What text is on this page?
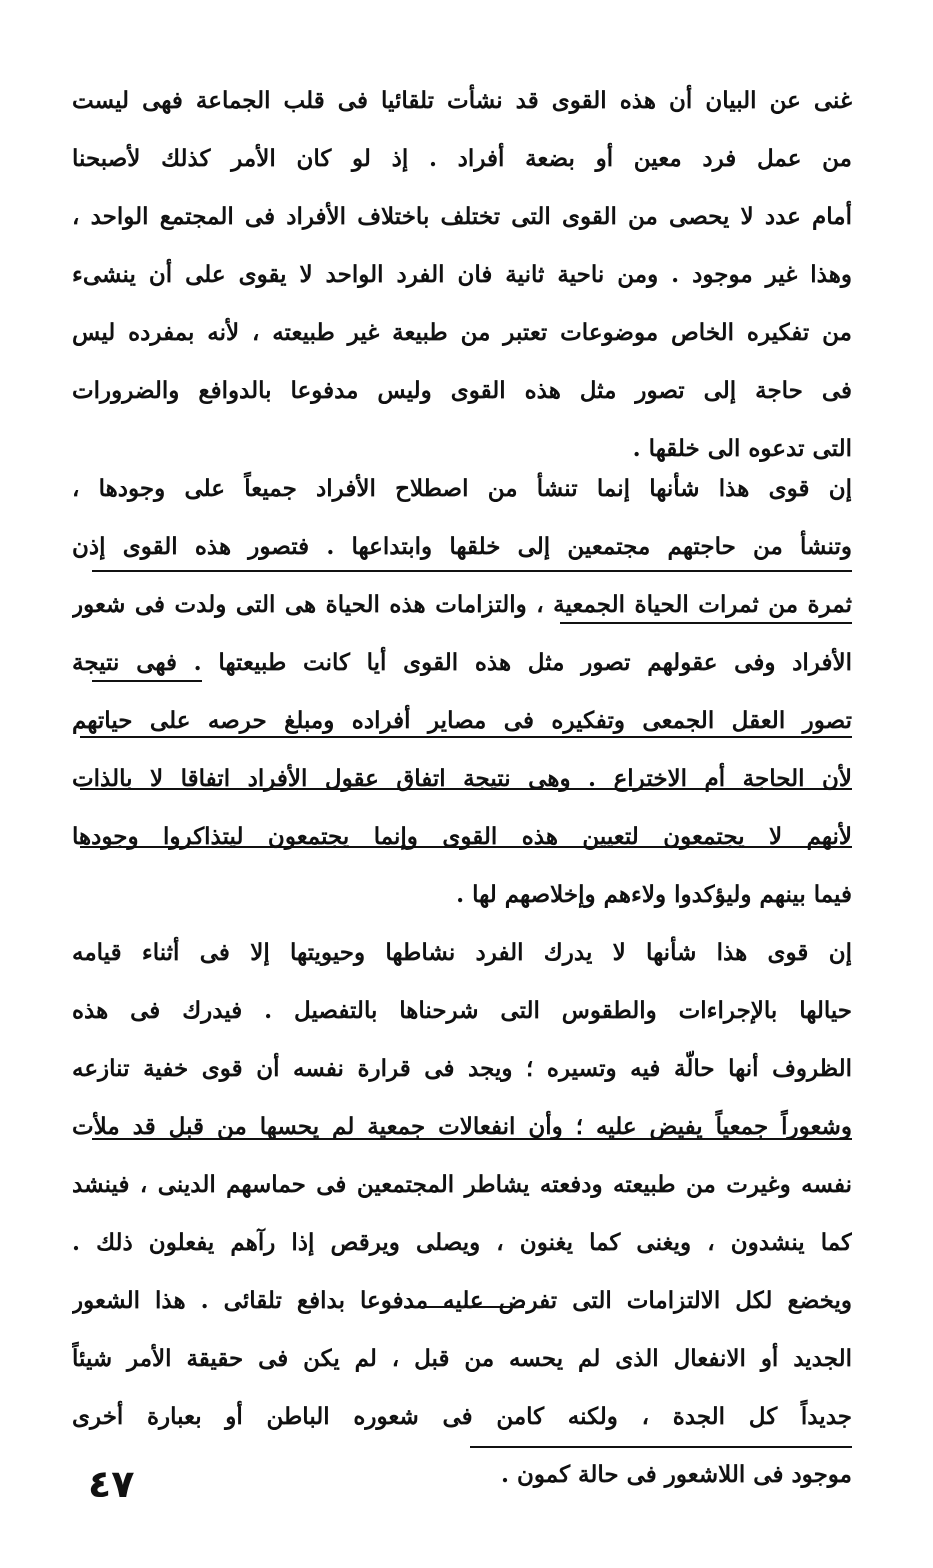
غنى عن البيان أن هذه القوى قد نشأت تلقائيا فى قلب الجماعة فهى ليست
من عمل فرد معين أو بضعة أفراد . إذ لو كان الأمر كذلك لأصبحنا
أمام عدد لا يحصى من القوى التى تختلف باختلاف الأفراد فى المجتمع الواحد ،
وهذا غير موجود . ومن ناحية ثانية فان الفرد الواحد لا يقوى على أن ينشىء
من تفكيره الخاص موضوعات تعتبر من طبيعة غير طبيعته ، لأنه بمفرده ليس
فى حاجة إلى تصور مثل هذه القوى وليس مدفوعا بالدوافع والضرورات
التى تدعوه الى خلقها .
إن قوى هذا شأنها إنما تنشأ من اصطلاح الأفراد جميعاً على وجودها ،
وتنشأ من حاجتهم مجتمعين إلى خلقها وابتداعها . فتصور هذه القوى إذن
ثمرة من ثمرات الحياة الجمعية ، والتزامات هذه الحياة هى التى ولدت فى شعور
الأفراد وفى عقولهم تصور مثل هذه القوى أيا كانت طبيعتها . فهى نتيجة
تصور العقل الجمعى وتفكيره فى مصاير أفراده ومبلغ حرصه على حياتهم
لأن الحاجة أم الاختراع . وهى نتيجة اتفاق عقول الأفراد اتفاقا لا بالذات
لأنهم لا يجتمعون لتعيين هذه القوى وإنما يجتمعون ليتذاكروا وجودها
فيما بينهم وليؤكدوا ولاءهم وإخلاصهم لها .
إن قوى هذا شأنها لا يدرك الفرد نشاطها وحيويتها إلا فى أثناء قيامه
حيالها بالإجراءات والطقوس التى شرحناها بالتفصيل . فيدرك فى هذه
الظروف أنها حالّة فيه وتسيره ؛ ويجد فى قرارة نفسه أن قوى خفية تنازعه
وشعوراً جمعياً يفيض عليه ؛ وأن انفعالات جمعية لم يحسها من قبل قد ملأت
نفسه وغيرت من طبيعته ودفعته يشاطر المجتمعين فى حماسهم الدينى ، فينشد
كما ينشدون ، ويغنى كما يغنون ، ويصلى ويرقص إذا رآهم يفعلون ذلك .
ويخضع لكل الالتزامات التى تفرض عليه مدفوعا بدافع تلقائى . هذا الشعور
الجديد أو الانفعال الذى لم يحسه من قبل ، لم يكن فى حقيقة الأمر شيئاً
جديداً كل الجدة ، ولكنه كامن فى شعوره الباطن أو بعبارة أخرى
موجود فى اللاشعور فى حالة كمون .
٤٧
